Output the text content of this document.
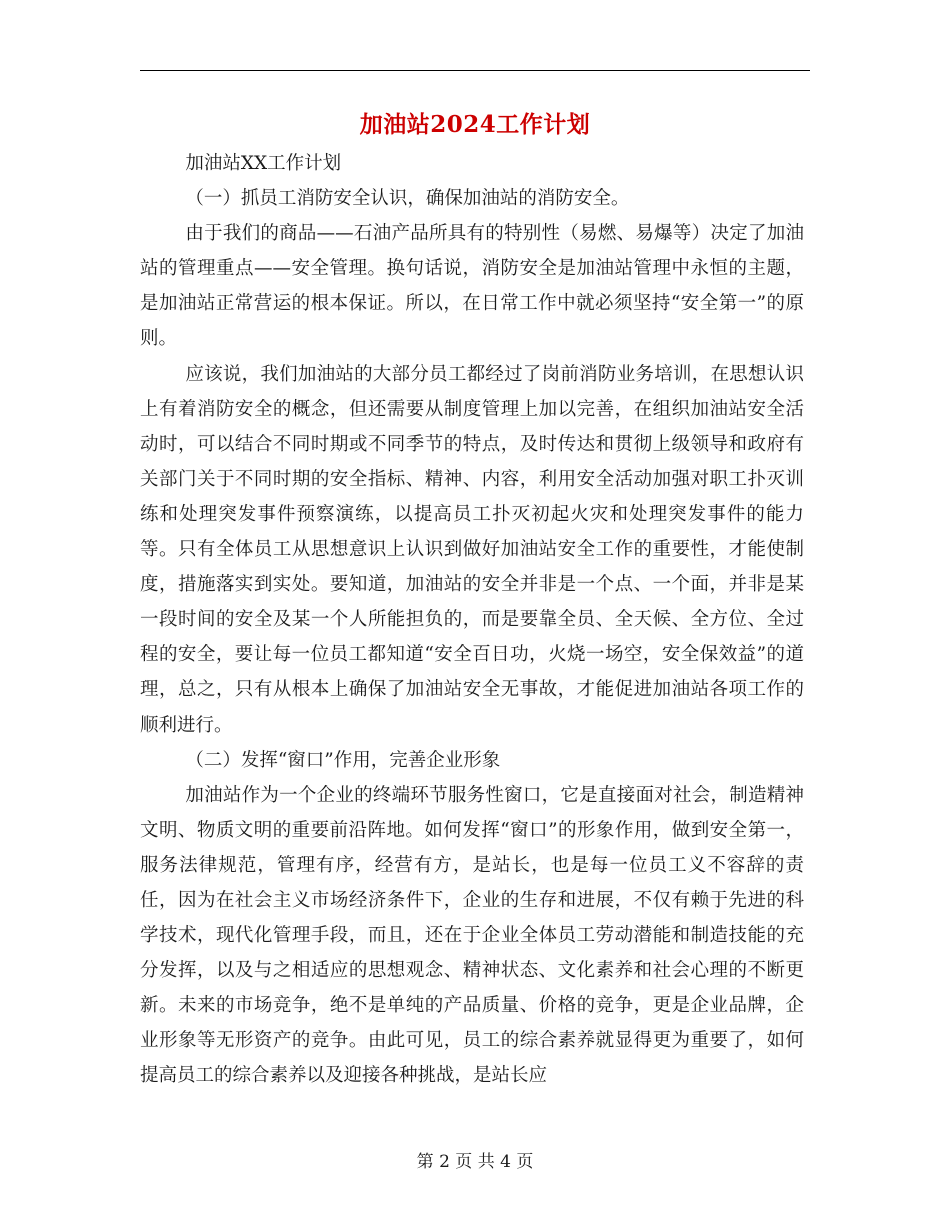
加油站2024工作计划

加油站XX工作计划

（一）抓员工消防安全认识，确保加油站的消防安全。

由于我们的商品——石油产品所具有的特别性（易燃、易爆等）决定了加油站的管理重点——安全管理。换句话说，消防安全是加油站管理中永恒的主题，是加油站正常营运的根本保证。所以，在日常工作中就必须坚持“安全第一”的原则。

应该说，我们加油站的大部分员工都经过了岗前消防业务培训，在思想认识上有着消防安全的概念，但还需要从制度管理上加以完善，在组织加油站安全活动时，可以结合不同时期或不同季节的特点，及时传达和贯彻上级领导和政府有关部门关于不同时期的安全指标、精神、内容，利用安全活动加强对职工扑灭训练和处理突发事件预察演练，以提高员工扑灭初起火灾和处理突发事件的能力等。只有全体员工从思想意识上认识到做好加油站安全工作的重要性，才能使制度，措施落实到实处。要知道，加油站的安全并非是一个点、一个面，并非是某一段时间的安全及某一个人所能担负的，而是要靠全员、全天候、全方位、全过程的安全，要让每一位员工都知道“安全百日功，火烧一场空，安全保效益”的道理，总之，只有从根本上确保了加油站安全无事故，才能促进加油站各项工作的顺利进行。

（二）发挥“窗口”作用，完善企业形象

加油站作为一个企业的终端环节服务性窗口，它是直接面对社会，制造精神文明、物质文明的重要前沿阵地。如何发挥“窗口”的形象作用，做到安全第一，服务法律规范，管理有序，经营有方，是站长，也是每一位员工义不容辞的责任，因为在社会主义市场经济条件下，企业的生存和进展，不仅有赖于先进的科学技术，现代化管理手段，而且，还在于企业全体员工劳动潜能和制造技能的充分发挥，以及与之相适应的思想观念、精神状态、文化素养和社会心理的不断更新。未来的市场竞争，绝不是单纯的产品质量、价格的竞争，更是企业品牌，企业形象等无形资产的竞争。由此可见，员工的综合素养就显得更为重要了，如何提高员工的综合素养以及迎接各种挑战，是站长应

第 2 页 共 4 页
